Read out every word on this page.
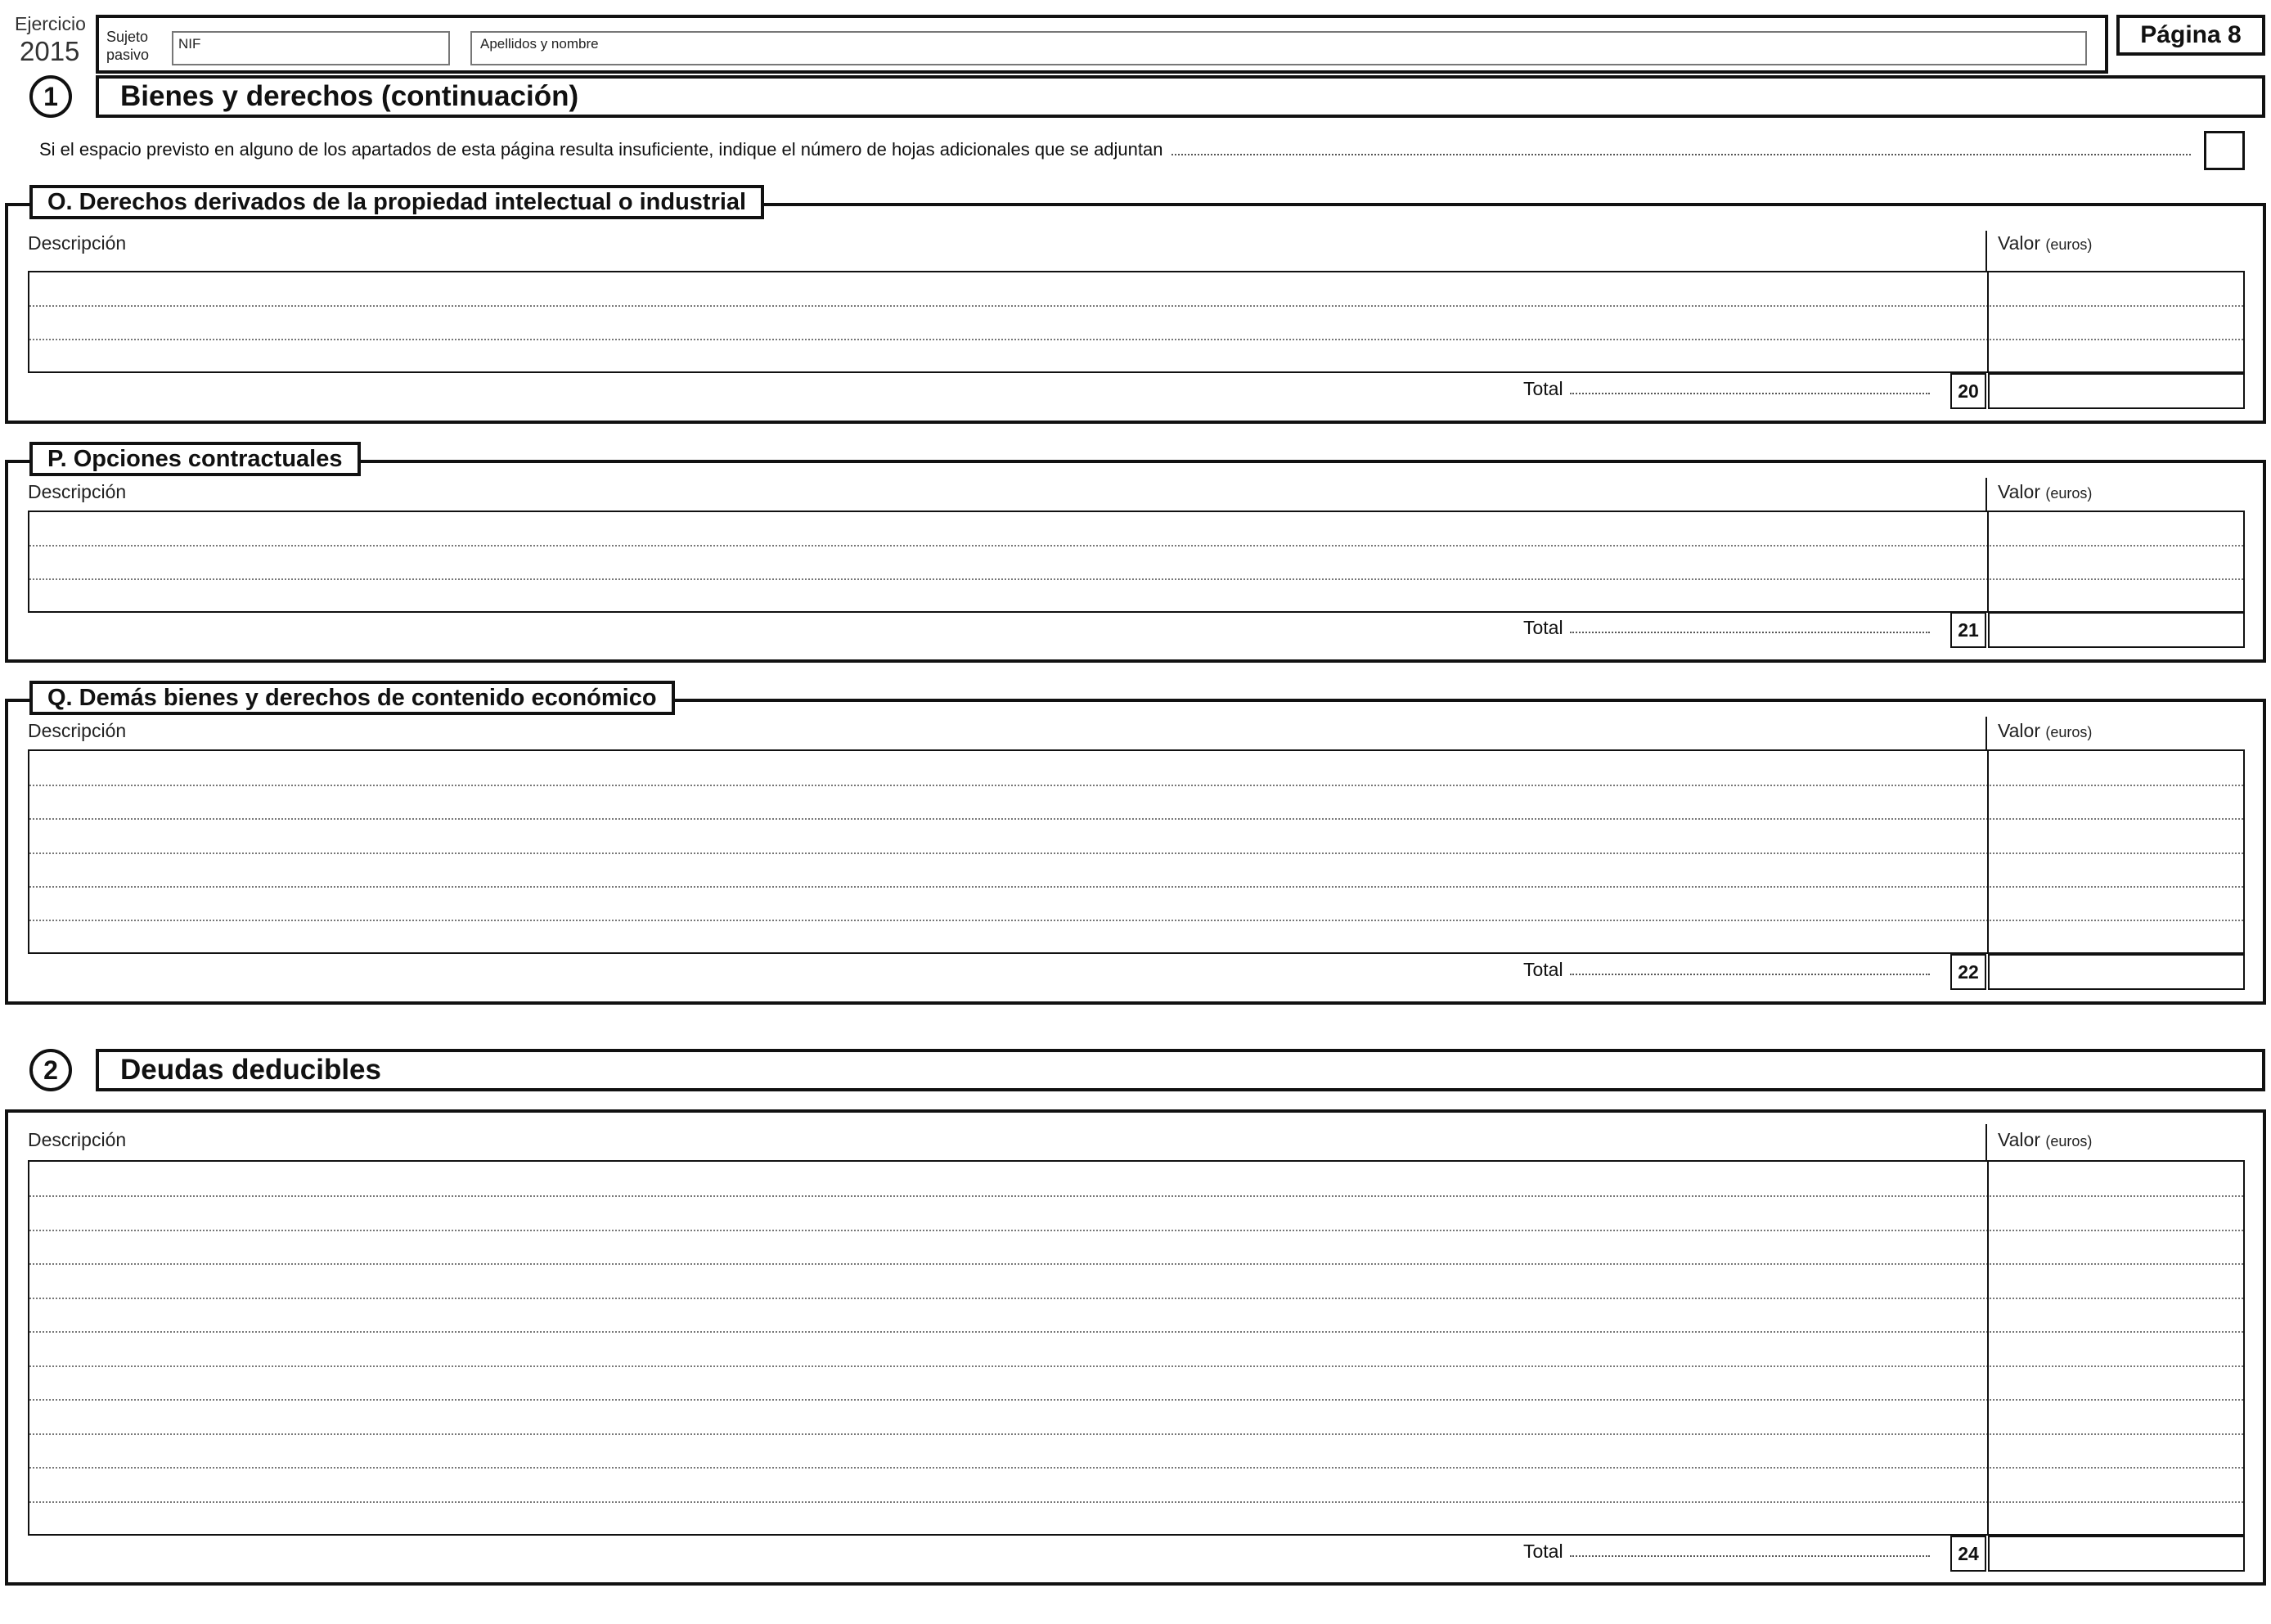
Ejercicio
2015 Sujeto pasivo
NIF	Apellidos y nombre	Página 8
1	Bienes y derechos (continuación)
Si el espacio previsto en alguno de los apartados de esta página resulta insuficiente, indique el número de hojas adicionales que se adjuntan
O. Derechos derivados de la propiedad intelectual o industrial
Descripción	Valor (euros)
Total	20
P. Opciones contractuales
Descripción	Valor (euros)
Total	21
Q. Demás bienes y derechos de contenido económico
Descripción	Valor (euros)
Total	22
2	Deudas deducibles
Descripción	Valor (euros)
Total	24
